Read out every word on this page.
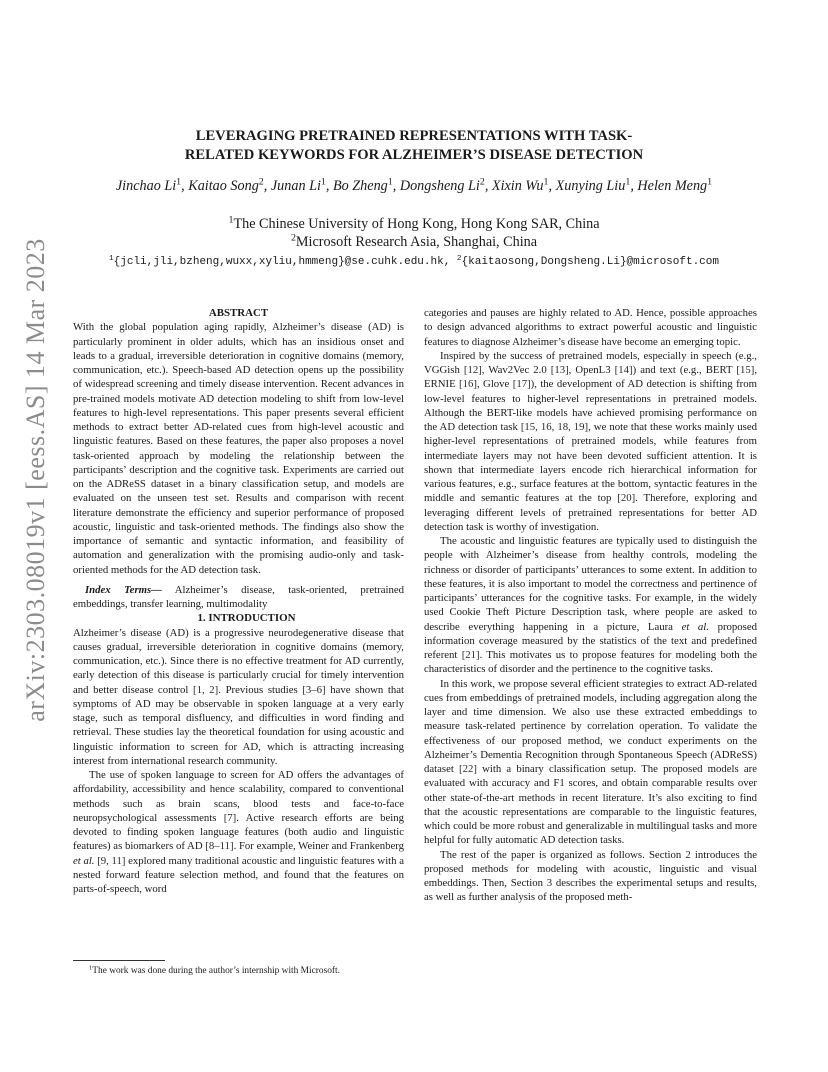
arXiv:2303.08019v1 [eess.AS] 14 Mar 2023
LEVERAGING PRETRAINED REPRESENTATIONS WITH TASK-
RELATED KEYWORDS FOR ALZHEIMER’S DISEASE DETECTION
Jinchao Li$^1$, Kaitao Song$^2$, Junan Li$^1$, Bo Zheng$^1$, Dongsheng Li$^2$, Xixin Wu$^1$, Xunying Liu$^1$, Helen Meng$^1$
$^1$The Chinese University of Hong Kong, Hong Kong SAR, China
$^2$Microsoft Research Asia, Shanghai, China
$^1${jcli,jli,bzheng,wuxx,xyliu,hmmeng}@se.cuhk.edu.hk, $^2${kaitaosong,Dongsheng.Li}@microsoft.com

ABSTRACT

With the global population aging rapidly, Alzheimer’s disease (AD) is particularly prominent in older adults, which has an insidious onset and leads to a gradual, irreversible deterioration in cognitive domains (memory, communication, etc.). Speech-based AD detection opens up the possibility of widespread screening and timely disease intervention. Recent advances in pre-trained models motivate AD detection modeling to shift from low-level features to high-level representations. This paper presents several efficient methods to extract better AD-related cues from high-level acoustic and linguistic features. Based on these features, the paper also proposes a novel task-oriented approach by modeling the relationship between the participants’ description and the cognitive task. Experiments are carried out on the ADReSS dataset in a binary classification setup, and models are evaluated on the unseen test set. Results and comparison with recent literature demonstrate the efficiency and superior performance of proposed acoustic, linguistic and task-oriented methods. The findings also show the importance of semantic and syntactic information, and feasibility of automation and generalization with the promising audio-only and task-oriented methods for the AD detection task.

Index Terms— Alzheimer’s disease, task-oriented, pretrained embeddings, transfer learning, multimodality

1. INTRODUCTION

Alzheimer’s disease (AD) is a progressive neurodegenerative disease that causes gradual, irreversible deterioration in cognitive domains (memory, communication, etc.). Since there is no effective treatment for AD currently, early detection of this disease is particularly crucial for timely intervention and better disease control [1, 2]. Previous studies [3–6] have shown that symptoms of AD may be observable in spoken language at a very early stage, such as temporal disfluency, and difficulties in word finding and retrieval. These studies lay the theoretical foundation for using acoustic and linguistic information to screen for AD, which is attracting increasing interest from international research community.

The use of spoken language to screen for AD offers the advantages of affordability, accessibility and hence scalability, compared to conventional methods such as brain scans, blood tests and face-to-face neuropsychological assessments [7]. Active research efforts are being devoted to finding spoken language features (both audio and linguistic features) as biomarkers of AD [8–11]. For example, Weiner and Frankenberg et al. [9, 11] explored many traditional acoustic and linguistic features with a nested forward feature selection method, and found that the features on parts-of-speech, word

$^1$The work was done during the author’s internship with Microsoft.

categories and pauses are highly related to AD. Hence, possible approaches to design advanced algorithms to extract powerful acoustic and linguistic features to diagnose Alzheimer’s disease have become an emerging topic.

Inspired by the success of pretrained models, especially in speech (e.g., VGGish [12], Wav2Vec 2.0 [13], OpenL3 [14]) and text (e.g., BERT [15], ERNIE [16], Glove [17]), the development of AD detection is shifting from low-level features to higher-level representations in pretrained models. Although the BERT-like models have achieved promising performance on the AD detection task [15, 16, 18, 19], we note that these works mainly used higher-level representations of pretrained models, while features from intermediate layers may not have been devoted sufficient attention. It is shown that intermediate layers encode rich hierarchical information for various features, e.g., surface features at the bottom, syntactic features in the middle and semantic features at the top [20]. Therefore, exploring and leveraging different levels of pretrained representations for better AD detection task is worthy of investigation.

The acoustic and linguistic features are typically used to distinguish the people with Alzheimer’s disease from healthy controls, modeling the richness or disorder of participants’ utterances to some extent. In addition to these features, it is also important to model the correctness and pertinence of participants’ utterances for the cognitive tasks. For example, in the widely used Cookie Theft Picture Description task, where people are asked to describe everything happening in a picture, Laura et al. proposed information coverage measured by the statistics of the text and predefined referent [21]. This motivates us to propose features for modeling both the characteristics of disorder and the pertinence to the cognitive tasks.

In this work, we propose several efficient strategies to extract AD-related cues from embeddings of pretrained models, including aggregation along the layer and time dimension. We also use these extracted embeddings to measure task-related pertinence by correlation operation. To validate the effectiveness of our proposed method, we conduct experiments on the Alzheimer’s Dementia Recognition through Spontaneous Speech (ADReSS) dataset [22] with a binary classification setup. The proposed models are evaluated with accuracy and F1 scores, and obtain comparable results over other state-of-the-art methods in recent literature. It’s also exciting to find that the acoustic representations are comparable to the linguistic features, which could be more robust and generalizable in multilingual tasks and more helpful for fully automatic AD detection tasks.

The rest of the paper is organized as follows. Section 2 introduces the proposed methods for modeling with acoustic, linguistic and visual embeddings. Then, Section 3 describes the experimental setups and results, as well as further analysis of the proposed meth-
